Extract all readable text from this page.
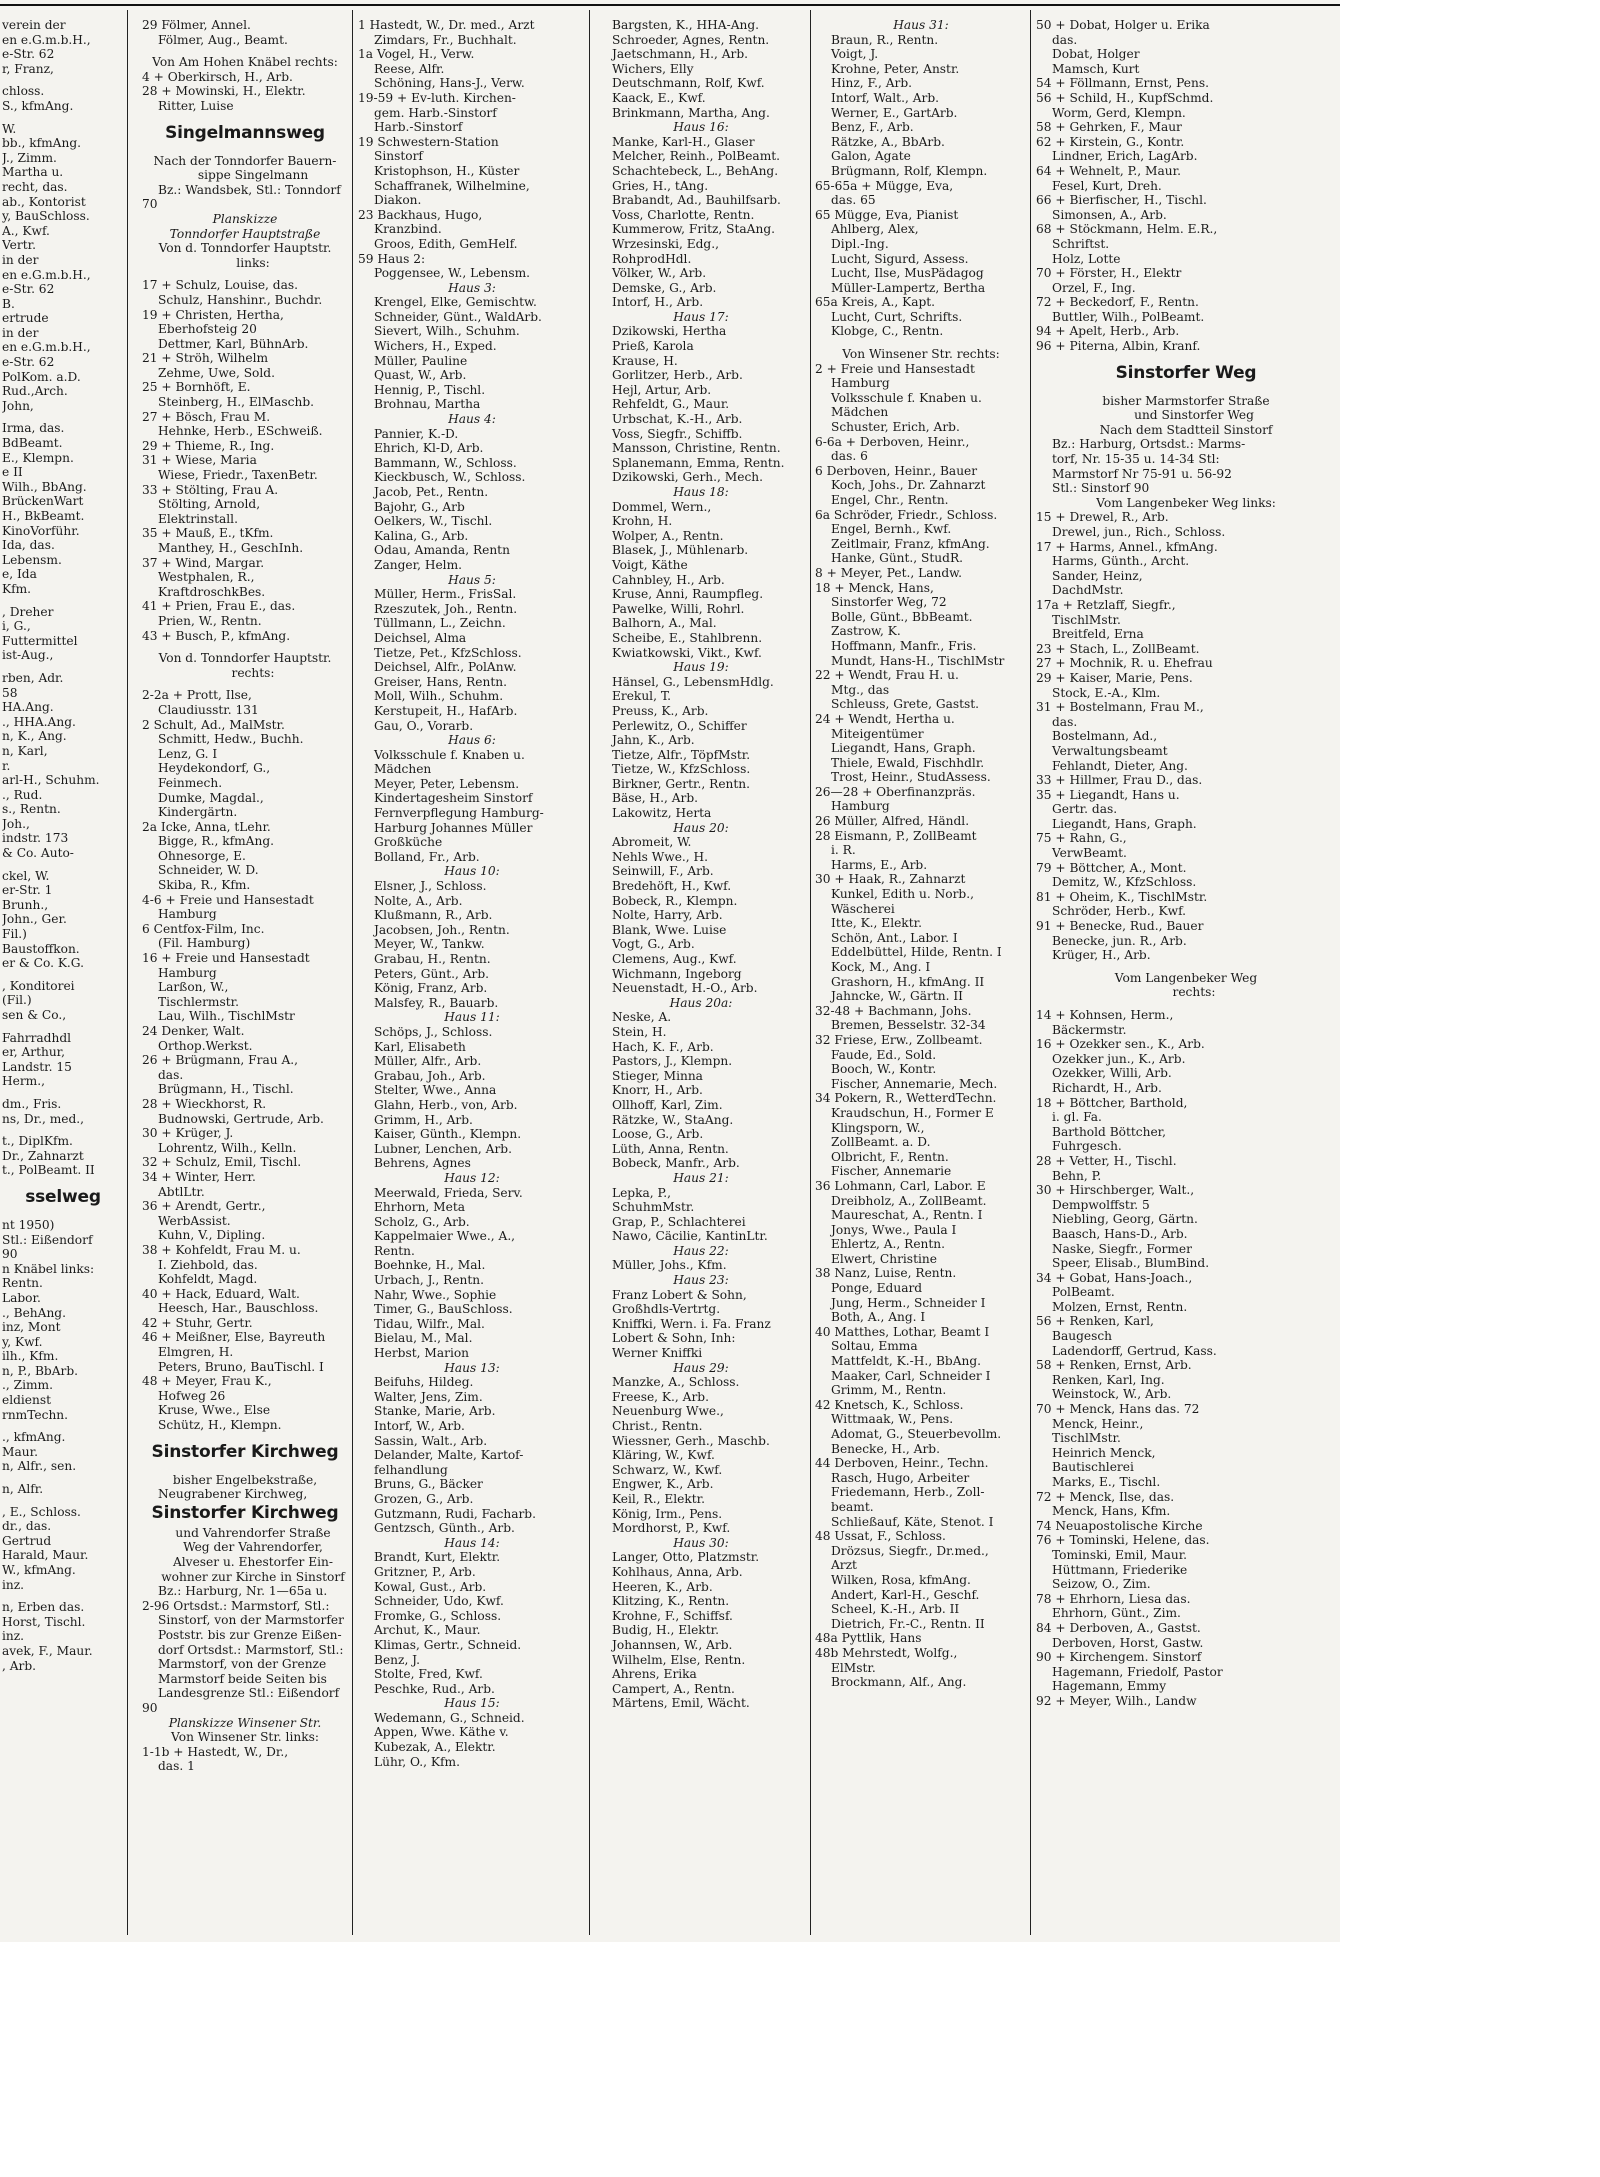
verein der
en e.G.m.b.H.,
e-Str. 62
r, Franz,
chloss.
S., kfmAng.
W.
bb., kfmAng.
J., Zimm.
Martha u.
recht, das.
ab., Kontorist
y, BauSchloss.
A., Kwf.
Vertr.
in der
en e.G.m.b.H.,
e-Str. 62
B.
ertrude
in der
en e.G.m.b.H.,
e-Str. 62
PolKom. a.D.
Rud.,Arch.
John,
Irma, das.
BdBeamt.
E., Klempn.
e II
Wilh., BbAng.
BrückenWart
H., BkBeamt.
KinoVorführ.
Ida, das.
Lebensm.
e, Ida
Kfm.
, Dreher
i, G.,
Futtermittel
ist-Aug.,
rben, Adr.
58
HA.Ang.
., HHA.Ang.
n, K., Ang.
n, Karl,
r.
arl-H., Schuhm.
., Rud.
s., Rentn.
Joh.,
indstr. 173
& Co. Auto-
ckel, W.
er-Str. 1
Brunh.,
John., Ger.
Fil.)
Baustoffkon.
er & Co. K.G.
, Konditorei
(Fil.)
sen & Co.,
Fahrradhdl
er, Arthur,
Landstr. 15
Herm.,
dm., Fris.
ns, Dr., med.,
t., DiplKfm.
Dr., Zahnarzt
t., PolBeamt. II
sselweg
nt 1950)
Stl.: Eißendorf
90
n Knäbel links:
Rentn.
Labor.
., BehAng.
inz, Mont
y, Kwf.
ilh., Kfm.
n, P., BbArb.
., Zimm.
eldienst
rnmTechn.
., kfmAng.
Maur.
n, Alfr., sen.
n, Alfr.
, E., Schloss.
dr., das.
Gertrud
Harald, Maur.
W., kfmAng.
inz.
n, Erben das.
Horst, Tischl.
inz.
avek, F., Maur.
, Arb.
29 Fölmer, Annel.
Fölmer, Aug., Beamt.
Von Am Hohen Knäbel rechts:
4 + Oberkirsch, H., Arb.
28 + Mowinski, H., Elektr.
Ritter, Luise
Singelmannsweg
Nach der Tonndorfer Bauern-
sippe Singelmann
Bz.: Wandsbek, Stl.: Tonndorf
70
Planskizze
Tonndorfer Hauptstraße
Von d. Tonndorfer Hauptstr.
links:
17 + Schulz, Louise, das.
Schulz, Hanshinr., Buchdr.
19 + Christen, Hertha,
Eberhofsteig 20
Dettmer, Karl, BühnArb.
21 + Ströh, Wilhelm
Zehme, Uwe, Sold.
25 + Bornhöft, E.
Steinberg, H., ElMaschb.
27 + Bösch, Frau M.
Hehnke, Herb., ESchweiß.
29 + Thieme, R., Ing.
31 + Wiese, Maria
Wiese, Friedr., TaxenBetr.
33 + Stölting, Frau A.
Stölting, Arnold,
Elektrinstall.
35 + Mauß, E., tKfm.
Manthey, H., GeschInh.
37 + Wind, Margar.
Westphalen, R.,
KraftdroschkBes.
41 + Prien, Frau E., das.
Prien, W., Rentn.
43 + Busch, P., kfmAng.
Von d. Tonndorfer Hauptstr.
rechts:
2-2a + Prott, Ilse,
Claudiusstr. 131
2 Schult, Ad., MalMstr.
Schmitt, Hedw., Buchh.
Lenz, G. I
Heydekondorf, G.,
Feinmech.
Dumke, Magdal.,
Kindergärtn.
2a Icke, Anna, tLehr.
Bigge, R., kfmAng.
Ohnesorge, E.
Schneider, W. D.
Skiba, R., Kfm.
4-6 + Freie und Hansestadt
Hamburg
6 Centfox-Film, Inc.
(Fil. Hamburg)
16 + Freie und Hansestadt
Hamburg
Larßon, W.,
Tischlermstr.
Lau, Wilh., TischlMstr
24 Denker, Walt.
Orthop.Werkst.
26 + Brügmann, Frau A.,
das.
Brügmann, H., Tischl.
28 + Wieckhorst, R.
Budnowski, Gertrude, Arb.
30 + Krüger, J.
Lohrentz, Wilh., Kelln.
32 + Schulz, Emil, Tischl.
34 + Winter, Herr.
AbtlLtr.
36 + Arendt, Gertr.,
WerbAssist.
Kuhn, V., Dipling.
38 + Kohfeldt, Frau M. u.
I. Ziehbold, das.
Kohfeldt, Magd.
40 + Hack, Eduard, Walt.
Heesch, Har., Bauschloss.
42 + Stuhr, Gertr.
46 + Meißner, Else, Bayreuth
Elmgren, H.
Peters, Bruno, BauTischl. I
48 + Meyer, Frau K.,
Hofweg 26
Kruse, Wwe., Else
Schütz, H., Klempn.
Sinstorfer Kirchweg
bisher Engelbekstraße,
Neugrabener Kirchweg,
Sinstorfer Kirchweg
und Vahrendorfer Straße
Weg der Vahrendorfer,
Alveser u. Ehestorfer Ein-
wohner zur Kirche in Sinstorf
Bz.: Harburg, Nr. 1—65a u.
2-96 Ortsdst.: Marmstorf, Stl.:
Sinstorf, von der Marmstorfer
Poststr. bis zur Grenze Eißen-
dorf Ortsdst.: Marmstorf, Stl.:
Marmstorf, von der Grenze
Marmstorf beide Seiten bis
Landesgrenze Stl.: Eißendorf
90
Planskizze Winsener Str.
Von Winsener Str. links:
1-1b + Hastedt, W., Dr.,
das. 1
1 Hastedt, W., Dr. med., Arzt
Zimdars, Fr., Buchhalt.
1a Vogel, H., Verw.
Reese, Alfr.
Schöning, Hans-J., Verw.
19-59 + Ev-luth. Kirchen-
gem. Harb.-Sinstorf
Harb.-Sinstorf
19 Schwestern-Station
Sinstorf
Kristophson, H., Küster
Schaffranek, Wilhelmine,
Diakon.
23 Backhaus, Hugo,
Kranzbind.
Groos, Edith, GemHelf.
59 Haus 2:
Poggensee, W., Lebensm.
Haus 3:
Krengel, Elke, Gemischtw.
Schneider, Günt., WaldArb.
Sievert, Wilh., Schuhm.
Wichers, H., Exped.
Müller, Pauline
Quast, W., Arb.
Hennig, P., Tischl.
Brohnau, Martha
Haus 4:
Pannier, K.-D.
Ehrich, Kl-D, Arb.
Bammann, W., Schloss.
Kieckbusch, W., Schloss.
Jacob, Pet., Rentn.
Bajohr, G., Arb
Oelkers, W., Tischl.
Kalina, G., Arb.
Odau, Amanda, Rentn
Zanger, Helm.
Haus 5:
Müller, Herm., FrisSal.
Rzeszutek, Joh., Rentn.
Tüllmann, L., Zeichn.
Deichsel, Alma
Tietze, Pet., KfzSchloss.
Deichsel, Alfr., PolAnw.
Greiser, Hans, Rentn.
Moll, Wilh., Schuhm.
Kerstupeit, H., HafArb.
Gau, O., Vorarb.
Haus 6:
Volksschule f. Knaben u.
Mädchen
Meyer, Peter, Lebensm.
Kindertagesheim Sinstorf
Fernverpflegung Hamburg-
Harburg Johannes Müller
Großküche
Bolland, Fr., Arb.
Haus 10:
Elsner, J., Schloss.
Nolte, A., Arb.
Klußmann, R., Arb.
Jacobsen, Joh., Rentn.
Meyer, W., Tankw.
Grabau, H., Rentn.
Peters, Günt., Arb.
König, Franz, Arb.
Malsfey, R., Bauarb.
Haus 11:
Schöps, J., Schloss.
Karl, Elisabeth
Müller, Alfr., Arb.
Grabau, Joh., Arb.
Stelter, Wwe., Anna
Glahn, Herb., von, Arb.
Grimm, H., Arb.
Kaiser, Günth., Klempn.
Lubner, Lenchen, Arb.
Behrens, Agnes
Haus 12:
Meerwald, Frieda, Serv.
Ehrhorn, Meta
Scholz, G., Arb.
Kappelmaier Wwe., A.,
Rentn.
Boehnke, H., Mal.
Urbach, J., Rentn.
Nahr, Wwe., Sophie
Timer, G., BauSchloss.
Tidau, Wilfr., Mal.
Bielau, M., Mal.
Herbst, Marion
Haus 13:
Beifuhs, Hildeg.
Walter, Jens, Zim.
Stanke, Marie, Arb.
Intorf, W., Arb.
Sassin, Walt., Arb.
Delander, Malte, Kartof-
felhandlung
Bruns, G., Bäcker
Grozen, G., Arb.
Gutzmann, Rudi, Facharb.
Gentzsch, Günth., Arb.
Haus 14:
Brandt, Kurt, Elektr.
Gritzner, P., Arb.
Kowal, Gust., Arb.
Schneider, Udo, Kwf.
Fromke, G., Schloss.
Archut, K., Maur.
Klimas, Gertr., Schneid.
Benz, J.
Stolte, Fred, Kwf.
Peschke, Rud., Arb.
Haus 15:
Wedemann, G., Schneid.
Appen, Wwe. Käthe v.
Kubezak, A., Elektr.
Lühr, O., Kfm.
Bargsten, K., HHA-Ang.
Schroeder, Agnes, Rentn.
Jaetschmann, H., Arb.
Wichers, Elly
Deutschmann, Rolf, Kwf.
Kaack, E., Kwf.
Brinkmann, Martha, Ang.
Haus 16:
Manke, Karl-H., Glaser
Melcher, Reinh., PolBeamt.
Schachtebeck, L., BehAng.
Gries, H., tAng.
Brabandt, Ad., Bauhilfsarb.
Voss, Charlotte, Rentn.
Kummerow, Fritz, StaAng.
Wrzesinski, Edg.,
RohprodHdl.
Völker, W., Arb.
Demske, G., Arb.
Intorf, H., Arb.
Haus 17:
Dzikowski, Hertha
Prieß, Karola
Krause, H.
Gorlitzer, Herb., Arb.
Hejl, Artur, Arb.
Rehfeldt, G., Maur.
Urbschat, K.-H., Arb.
Voss, Siegfr., Schiffb.
Mansson, Christine, Rentn.
Splanemann, Emma, Rentn.
Dzikowski, Gerh., Mech.
Haus 18:
Dommel, Wern.,
Krohn, H.
Wolper, A., Rentn.
Blasek, J., Mühlenarb.
Voigt, Käthe
Cahnbley, H., Arb.
Kruse, Anni, Raumpfleg.
Pawelke, Willi, Rohrl.
Balhorn, A., Mal.
Scheibe, E., Stahlbrenn.
Kwiatkowski, Vikt., Kwf.
Haus 19:
Hänsel, G., LebensmHdlg.
Erekul, T.
Preuss, K., Arb.
Perlewitz, O., Schiffer
Jahn, K., Arb.
Tietze, Alfr., TöpfMstr.
Tietze, W., KfzSchloss.
Birkner, Gertr., Rentn.
Bäse, H., Arb.
Lakowitz, Herta
Haus 20:
Abromeit, W.
Nehls Wwe., H.
Seinwill, F., Arb.
Bredehöft, H., Kwf.
Bobeck, R., Klempn.
Nolte, Harry, Arb.
Blank, Wwe. Luise
Vogt, G., Arb.
Clemens, Aug., Kwf.
Wichmann, Ingeborg
Neuenstadt, H.-O., Arb.
Haus 20a:
Neske, A.
Stein, H.
Hach, K. F., Arb.
Pastors, J., Klempn.
Stieger, Minna
Knorr, H., Arb.
Ollhoff, Karl, Zim.
Rätzke, W., StaAng.
Loose, G., Arb.
Lüth, Anna, Rentn.
Bobeck, Manfr., Arb.
Haus 21:
Lepka, P.,
SchuhmMstr.
Grap, P., Schlachterei
Nawo, Cäcilie, KantinLtr.
Haus 22:
Müller, Johs., Kfm.
Haus 23:
Franz Lobert & Sohn,
Großhdls-Vertrtg.
Kniffki, Wern. i. Fa. Franz
Lobert & Sohn, Inh:
Werner Kniffki
Haus 29:
Manzke, A., Schloss.
Freese, K., Arb.
Neuenburg Wwe.,
Christ., Rentn.
Wiessner, Gerh., Maschb.
Kläring, W., Kwf.
Schwarz, W., Kwf.
Engwer, K., Arb.
Keil, R., Elektr.
König, Irm., Pens.
Mordhorst, P., Kwf.
Haus 30:
Langer, Otto, Platzmstr.
Kohlhaus, Anna, Arb.
Heeren, K., Arb.
Klitzing, K., Rentn.
Krohne, F., Schiffsf.
Budig, H., Elektr.
Johannsen, W., Arb.
Wilhelm, Else, Rentn.
Ahrens, Erika
Campert, A., Rentn.
Märtens, Emil, Wächt.
Haus 31:
Braun, R., Rentn.
Voigt, J.
Krohne, Peter, Anstr.
Hinz, F., Arb.
Intorf, Walt., Arb.
Werner, E., GartArb.
Benz, F., Arb.
Rätzke, A., BbArb.
Galon, Agate
Brügmann, Rolf, Klempn.
65-65a + Mügge, Eva,
das. 65
65 Mügge, Eva, Pianist
Ahlberg, Alex,
Dipl.-Ing.
Lucht, Sigurd, Assess.
Lucht, Ilse, MusPädagog
Müller-Lampertz, Bertha
65a Kreis, A., Kapt.
Lucht, Curt, Schrifts.
Klobge, C., Rentn.
Von Winsener Str. rechts:
2 + Freie und Hansestadt
Hamburg
Volksschule f. Knaben u.
Mädchen
Schuster, Erich, Arb.
6-6a + Derboven, Heinr.,
das. 6
6 Derboven, Heinr., Bauer
Koch, Johs., Dr. Zahnarzt
Engel, Chr., Rentn.
6a Schröder, Friedr., Schloss.
Engel, Bernh., Kwf.
Zeitlmair, Franz, kfmAng.
Hanke, Günt., StudR.
8 + Meyer, Pet., Landw.
18 + Menck, Hans,
Sinstorfer Weg, 72
Bolle, Günt., BbBeamt.
Zastrow, K.
Hoffmann, Manfr., Fris.
Mundt, Hans-H., TischlMstr
22 + Wendt, Frau H. u.
Mtg., das
Schleuss, Grete, Gastst.
24 + Wendt, Hertha u.
Miteigentümer
Liegandt, Hans, Graph.
Thiele, Ewald, Fischhdlr.
Trost, Heinr., StudAssess.
26—28 + Oberfinanzpräs.
Hamburg
26 Müller, Alfred, Händl.
28 Eismann, P., ZollBeamt
i. R.
Harms, E., Arb.
30 + Haak, R., Zahnarzt
Kunkel, Edith u. Norb.,
Wäscherei
Itte, K., Elektr.
Schön, Ant., Labor. I
Eddelbüttel, Hilde, Rentn. I
Kock, M., Ang. I
Grashorn, H., kfmAng. II
Jahncke, W., Gärtn. II
32-48 + Bachmann, Johs.
Bremen, Besselstr. 32-34
32 Friese, Erw., Zollbeamt.
Faude, Ed., Sold.
Booch, W., Kontr.
Fischer, Annemarie, Mech.
34 Pokern, R., WetterdTechn.
Kraudschun, H., Former E
Klingsporn, W.,
ZollBeamt. a. D.
Olbricht, F., Rentn.
Fischer, Annemarie
36 Lohmann, Carl, Labor. E
Dreibholz, A., ZollBeamt.
Maureschat, A., Rentn. I
Jonys, Wwe., Paula I
Ehlertz, A., Rentn.
Elwert, Christine
38 Nanz, Luise, Rentn.
Ponge, Eduard
Jung, Herm., Schneider I
Both, A., Ang. I
40 Matthes, Lothar, Beamt I
Soltau, Emma
Mattfeldt, K.-H., BbAng.
Maaker, Carl, Schneider I
Grimm, M., Rentn.
42 Knetsch, K., Schloss.
Wittmaak, W., Pens.
Adomat, G., Steuerbevollm.
Benecke, H., Arb.
44 Derboven, Heinr., Techn.
Rasch, Hugo, Arbeiter
Friedemann, Herb., Zoll-
beamt.
Schließauf, Käte, Stenot. I
48 Ussat, F., Schloss.
Drözsus, Siegfr., Dr.med.,
Arzt
Wilken, Rosa, kfmAng.
Andert, Karl-H., Geschf.
Scheel, K.-H., Arb. II
Dietrich, Fr.-C., Rentn. II
48a Pyttlik, Hans
48b Mehrstedt, Wolfg.,
ElMstr.
Brockmann, Alf., Ang.
50 + Dobat, Holger u. Erika
das.
Dobat, Holger
Mamsch, Kurt
54 + Föllmann, Ernst, Pens.
56 + Schild, H., KupfSchmd.
Worm, Gerd, Klempn.
58 + Gehrken, F., Maur
62 + Kirstein, G., Kontr.
Lindner, Erich, LagArb.
64 + Wehnelt, P., Maur.
Fesel, Kurt, Dreh.
66 + Bierfischer, H., Tischl.
Simonsen, A., Arb.
68 + Stöckmann, Helm. E.R.,
Schriftst.
Holz, Lotte
70 + Förster, H., Elektr
Orzel, F., Ing.
72 + Beckedorf, F., Rentn.
Buttler, Wilh., PolBeamt.
94 + Apelt, Herb., Arb.
96 + Piterna, Albin, Kranf.
Sinstorfer Weg
bisher Marmstorfer Straße
und Sinstorfer Weg
Nach dem Stadtteil Sinstorf
Bz.: Harburg, Ortsdst.: Marms-
torf, Nr. 15-35 u. 14-34 Stl:
Marmstorf Nr 75-91 u. 56-92
Stl.: Sinstorf 90
Vom Langenbeker Weg links:
15 + Drewel, R., Arb.
Drewel, jun., Rich., Schloss.
17 + Harms, Annel., kfmAng.
Harms, Günth., Archt.
Sander, Heinz,
DachdMstr.
17a + Retzlaff, Siegfr.,
TischlMstr.
Breitfeld, Erna
23 + Stach, L., ZollBeamt.
27 + Mochnik, R. u. Ehefrau
29 + Kaiser, Marie, Pens.
Stock, E.-A., Klm.
31 + Bostelmann, Frau M.,
das.
Bostelmann, Ad.,
Verwaltungsbeamt
Fehlandt, Dieter, Ang.
33 + Hillmer, Frau D., das.
35 + Liegandt, Hans u.
Gertr. das.
Liegandt, Hans, Graph.
75 + Rahn, G.,
VerwBeamt.
79 + Böttcher, A., Mont.
Demitz, W., KfzSchloss.
81 + Oheim, K., TischlMstr.
Schröder, Herb., Kwf.
91 + Benecke, Rud., Bauer
Benecke, jun. R., Arb.
Krüger, H., Arb.
Vom Langenbeker Weg
rechts:
14 + Kohnsen, Herm.,
Bäckermstr.
16 + Ozekker sen., K., Arb.
Ozekker jun., K., Arb.
Ozekker, Willi, Arb.
Richardt, H., Arb.
18 + Böttcher, Barthold,
i. gl. Fa.
Barthold Böttcher,
Fuhrgesch.
28 + Vetter, H., Tischl.
Behn, P.
30 + Hirschberger, Walt.,
Dempwolffstr. 5
Niebling, Georg, Gärtn.
Baasch, Hans-D., Arb.
Naske, Siegfr., Former
Speer, Elisab., BlumBind.
34 + Gobat, Hans-Joach.,
PolBeamt.
Molzen, Ernst, Rentn.
56 + Renken, Karl,
Baugesch
Ladendorff, Gertrud, Kass.
58 + Renken, Ernst, Arb.
Renken, Karl, Ing.
Weinstock, W., Arb.
70 + Menck, Hans das. 72
Menck, Heinr.,
TischlMstr.
Heinrich Menck,
Bautischlerei
Marks, E., Tischl.
72 + Menck, Ilse, das.
Menck, Hans, Kfm.
74 Neuapostolische Kirche
76 + Tominski, Helene, das.
Tominski, Emil, Maur.
Hüttmann, Friederike
Seizow, O., Zim.
78 + Ehrhorn, Liesa das.
Ehrhorn, Günt., Zim.
84 + Derboven, A., Gastst.
Derboven, Horst, Gastw.
90 + Kirchengem. Sinstorf
Hagemann, Friedolf, Pastor
Hagemann, Emmy
92 + Meyer, Wilh., Landw
